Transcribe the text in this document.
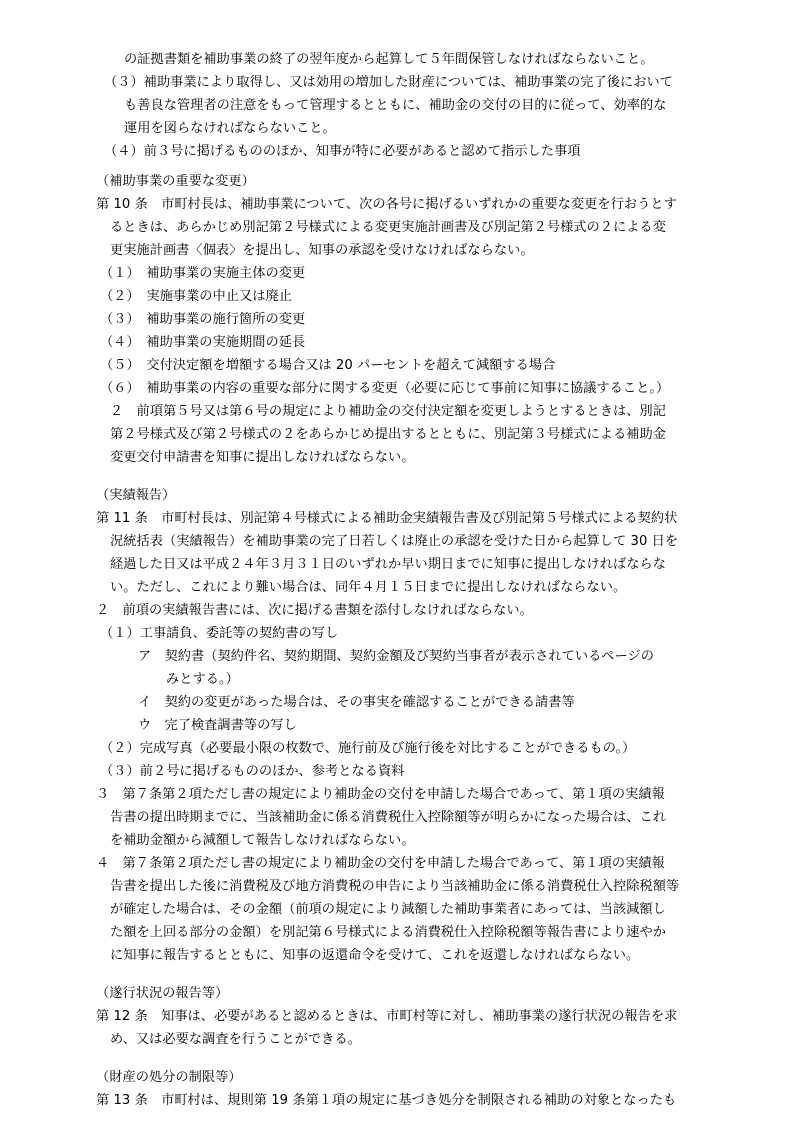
の証拠書類を補助事業の終了の翌年度から起算して５年間保管しなければならないこと。
（３）補助事業により取得し、又は効用の増加した財産については、補助事業の完了後において
も善良な管理者の注意をもって管理するとともに、補助金の交付の目的に従って、効率的な
運用を図らなければならないこと。
（４）前３号に掲げるもののほか、知事が特に必要があると認めて指示した事項
（補助事業の重要な変更）
第 10 条　市町村長は、補助事業について、次の各号に掲げるいずれかの重要な変更を行おうとす
るときは、あらかじめ別記第２号様式による変更実施計画書及び別記第２号様式の２による変
更実施計画書〈個表〉を提出し、知事の承認を受けなければならない。
（１）　補助事業の実施主体の変更
（２）　実施事業の中止又は廃止
（３）　補助事業の施行箇所の変更
（４）　補助事業の実施期間の延長
（５）　交付決定額を増額する場合又は 20 パーセントを超えて減額する場合
（６）　補助事業の内容の重要な部分に関する変更（必要に応じて事前に知事に協議すること。）
２　前項第５号又は第６号の規定により補助金の交付決定額を変更しようとするときは、別記
第２号様式及び第２号様式の２をあらかじめ提出するとともに、別記第３号様式による補助金
変更交付申請書を知事に提出しなければならない。
（実績報告）
第 11 条　市町村長は、別記第４号様式による補助金実績報告書及び別記第５号様式による契約状
況統括表（実績報告）を補助事業の完了日若しくは廃止の承認を受けた日から起算して 30 日を
経過した日又は平成２４年３月３１日のいずれか早い期日までに知事に提出しなければならな
い。ただし、これにより難い場合は、同年４月１５日までに提出しなければならない。
２　前項の実績報告書には、次に掲げる書類を添付しなければならない。
（１）工事請負、委託等の契約書の写し
ア　契約書（契約件名、契約期間、契約金額及び契約当事者が表示されているページの
みとする。）
イ　契約の変更があった場合は、その事実を確認することができる請書等
ウ　完了検査調書等の写し
（２）完成写真（必要最小限の枚数で、施行前及び施行後を対比することができるもの。）
（３）前２号に掲げるもののほか、参考となる資料
３　第７条第２項ただし書の規定により補助金の交付を申請した場合であって、第１項の実績報
告書の提出時期までに、当該補助金に係る消費税仕入控除額等が明らかになった場合は、これ
を補助金額から減額して報告しなければならない。
４　第７条第２項ただし書の規定により補助金の交付を申請した場合であって、第１項の実績報
告書を提出した後に消費税及び地方消費税の申告により当該補助金に係る消費税仕入控除税額等
が確定した場合は、その金額（前項の規定により減額した補助事業者にあっては、当該減額し
た額を上回る部分の金額）を別記第６号様式による消費税仕入控除税額等報告書により速やか
に知事に報告するとともに、知事の返還命令を受けて、これを返還しなければならない。
（遂行状況の報告等）
第 12 条　知事は、必要があると認めるときは、市町村等に対し、補助事業の遂行状況の報告を求
め、又は必要な調査を行うことができる。
（財産の処分の制限等）
第 13 条　市町村は、規則第 19 条第１項の規定に基づき処分を制限される補助の対象となったも
